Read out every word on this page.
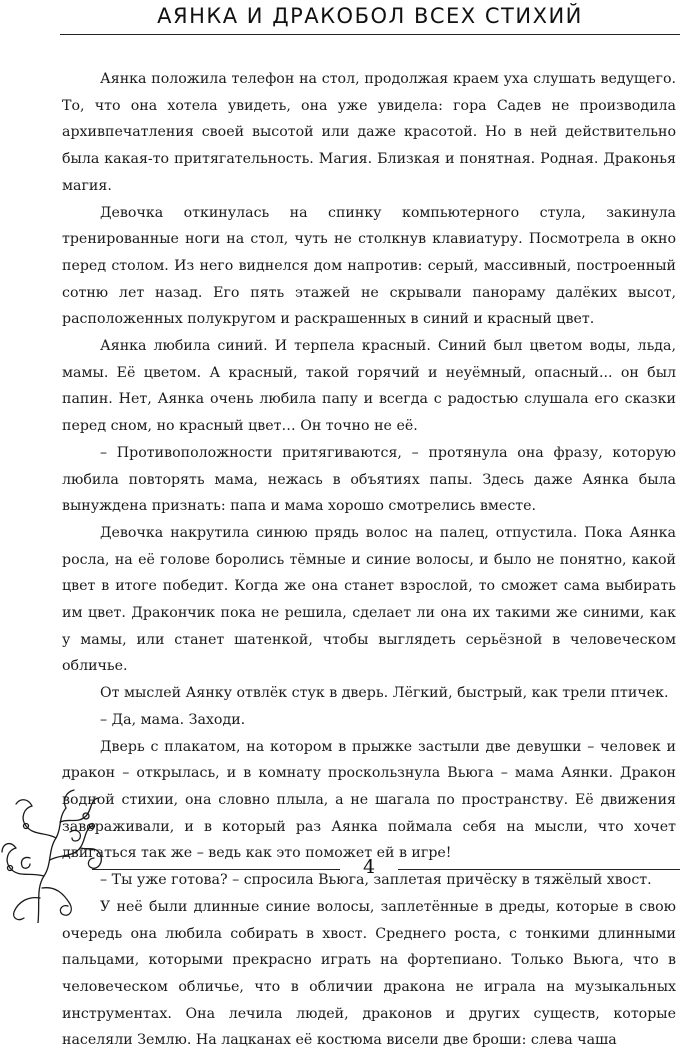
АЯНКА И ДРАКОБОЛ ВСЕХ СТИХИЙ

Аянка положила телефон на стол, продолжая краем уха слушать ведущего. То, что она хотела увидеть, она уже увидела: гора Садев не производила архивпечатления своей высотой или даже красотой. Но в ней действительно была какая-то притягательность. Магия. Близкая и понятная. Родная. Драконья магия.

Девочка откинулась на спинку компьютерного стула, закинула тренированные ноги на стол, чуть не столкнув клавиатуру. Посмотрела в окно перед столом. Из него виднелся дом напротив: серый, массивный, построенный сотню лет назад. Его пять этажей не скрывали панораму далёких высот, расположенных полукругом и раскрашенных в синий и красный цвет.

Аянка любила синий. И терпела красный. Синий был цветом воды, льда, мамы. Её цветом. А красный, такой горячий и неуёмный, опасный... он был папин. Нет, Аянка очень любила папу и всегда с радостью слушала его сказки перед сном, но красный цвет… Он точно не её.

– Противоположности притягиваются, – протянула она фразу, которую любила повторять мама, нежась в объятиях папы. Здесь даже Аянка была вынуждена признать: папа и мама хорошо смотрелись вместе.

Девочка накрутила синюю прядь волос на палец, отпустила. Пока Аянка росла, на её голове боролись тёмные и синие волосы, и было не понятно, какой цвет в итоге победит. Когда же она станет взрослой, то сможет сама выбирать им цвет. Дракончик пока не решила, сделает ли она их такими же синими, как у мамы, или станет шатенкой, чтобы выглядеть серьёзной в человеческом обличье.

От мыслей Аянку отвлёк стук в дверь. Лёгкий, быстрый, как трели птичек.

– Да, мама. Заходи.

Дверь с плакатом, на котором в прыжке застыли две девушки – человек и дракон – открылась, и в комнату проскользнула Вьюга – мама Аянки. Дракон водной стихии, она словно плыла, а не шагала по пространству. Её движения завораживали, и в который раз Аянка поймала себя на мысли, что хочет двигаться так же – ведь как это поможет ей в игре!

– Ты уже готова? – спросила Вьюга, заплетая причёску в тяжёлый хвост.

У неё были длинные синие волосы, заплетённые в дреды, которые в свою очередь она любила собирать в хвост. Среднего роста, с тонкими длинными пальцами, которыми прекрасно играть на фортепиано. Только Вьюга, что в человеческом обличье, что в обличии дракона не играла на музыкальных инструментах. Она лечила людей, драконов и других существ, которые населяли Землю. На лацканах её костюма висели две броши: слева чаша

4
